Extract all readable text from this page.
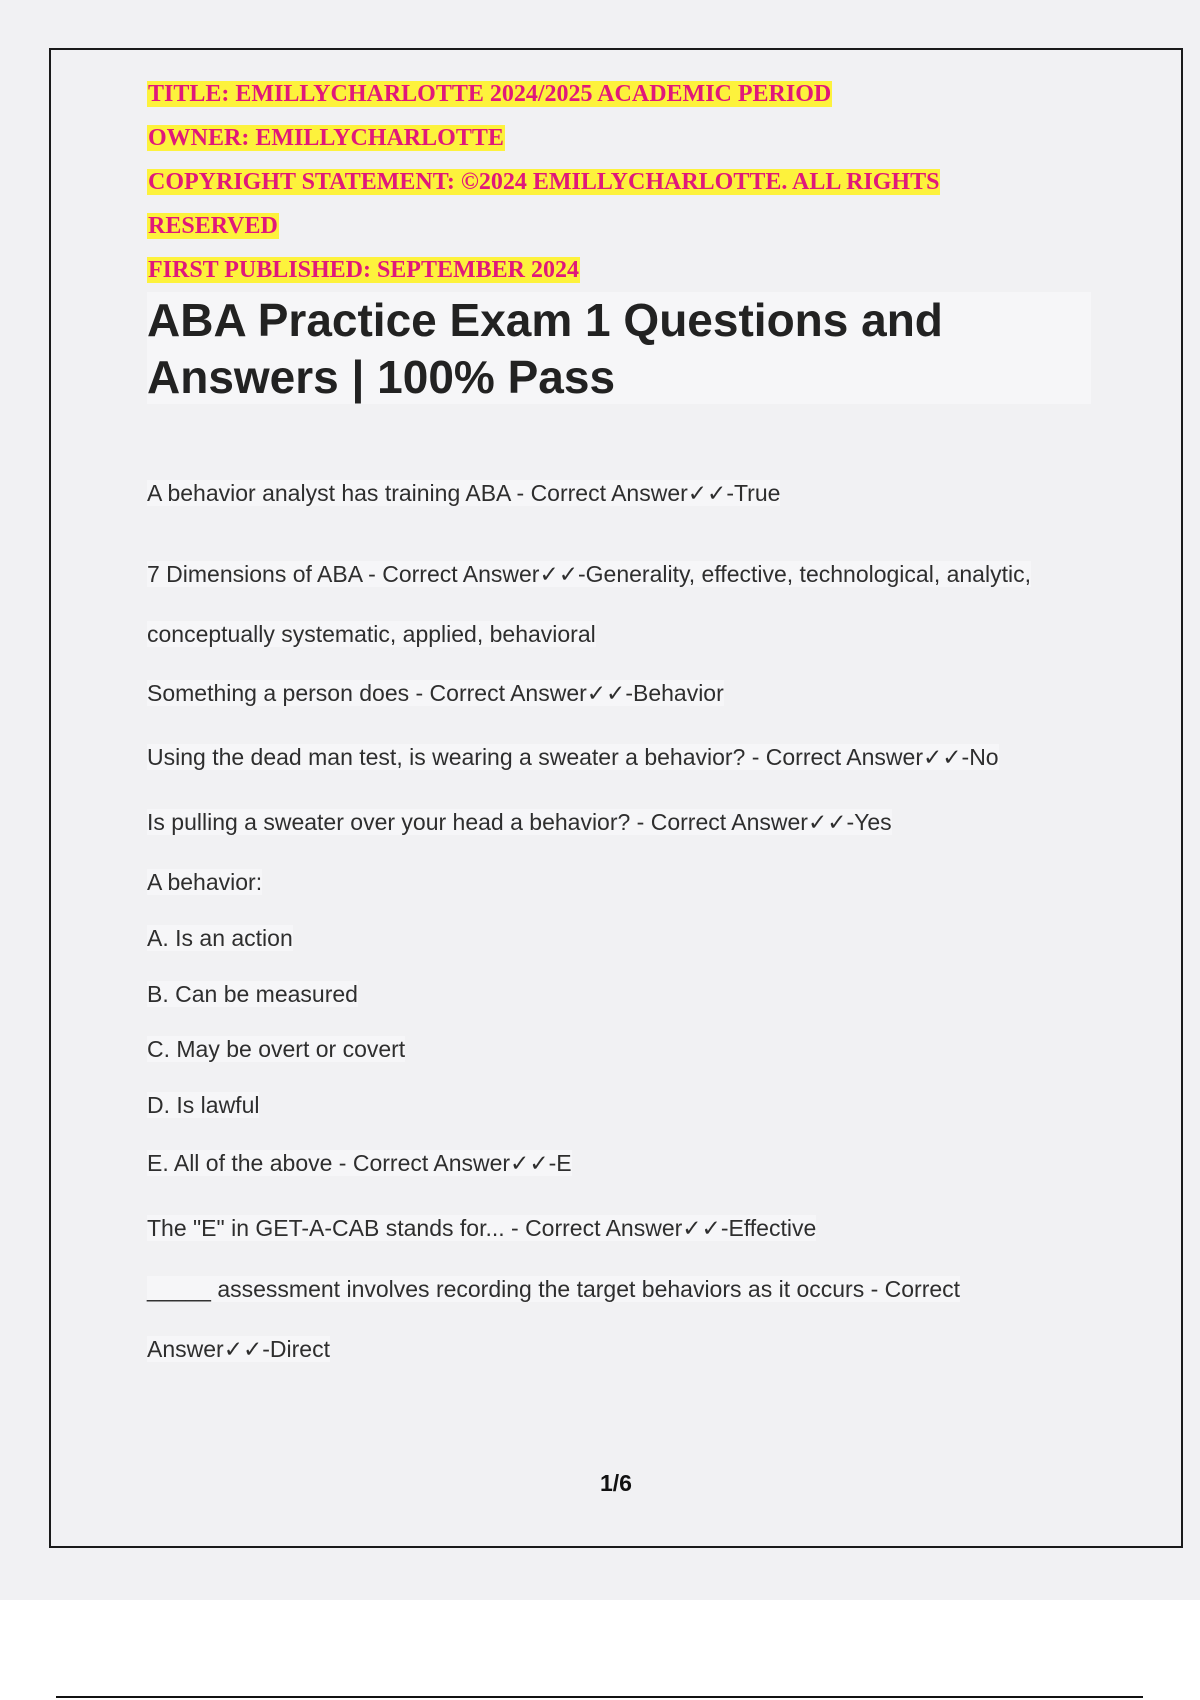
TITLE: EMILLYCHARLOTTE 2024/2025 ACADEMIC PERIOD
OWNER: EMILLYCHARLOTTE
COPYRIGHT STATEMENT: ©2024 EMILLYCHARLOTTE. ALL RIGHTS
RESERVED
FIRST PUBLISHED: SEPTEMBER 2024
ABA Practice Exam 1 Questions and
Answers | 100% Pass
A behavior analyst has training ABA - Correct Answer✓✓-True
7 Dimensions of ABA - Correct Answer✓✓-Generality, effective, technological, analytic,
conceptually systematic, applied, behavioral
Something a person does - Correct Answer✓✓-Behavior
Using the dead man test, is wearing a sweater a behavior? - Correct Answer✓✓-No
Is pulling a sweater over your head a behavior? - Correct Answer✓✓-Yes
A behavior:
A. Is an action
B. Can be measured
C. May be overt or covert
D. Is lawful
E. All of the above - Correct Answer✓✓-E
The "E" in GET-A-CAB stands for... - Correct Answer✓✓-Effective
_____ assessment involves recording the target behaviors as it occurs - Correct
Answer✓✓-Direct
1/6
